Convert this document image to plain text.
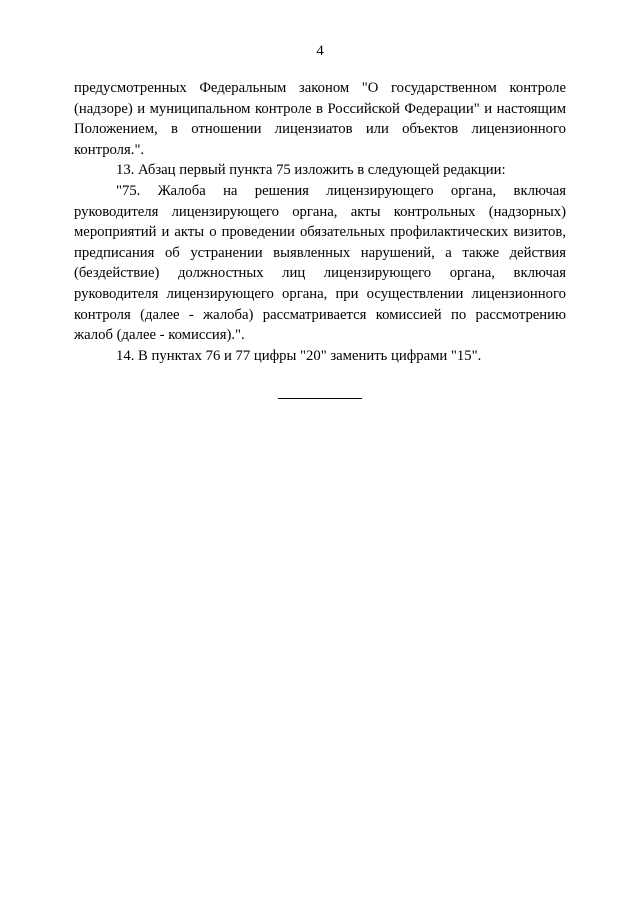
4

предусмотренных Федеральным законом "О государственном контроле (надзоре) и муниципальном контроле в Российской Федерации" и настоящим Положением, в отношении лицензиатов или объектов лицензионного контроля.".

13. Абзац первый пункта 75 изложить в следующей редакции:

"75. Жалоба на решения лицензирующего органа, включая руководителя лицензирующего органа, акты контрольных (надзорных) мероприятий и акты о проведении обязательных профилактических визитов, предписания об устранении выявленных нарушений, а также действия (бездействие) должностных лиц лицензирующего органа, включая руководителя лицензирующего органа, при осуществлении лицензионного контроля (далее - жалоба) рассматривается комиссией по рассмотрению жалоб (далее - комиссия).".

14. В пунктах 76 и 77 цифры "20" заменить цифрами "15".
